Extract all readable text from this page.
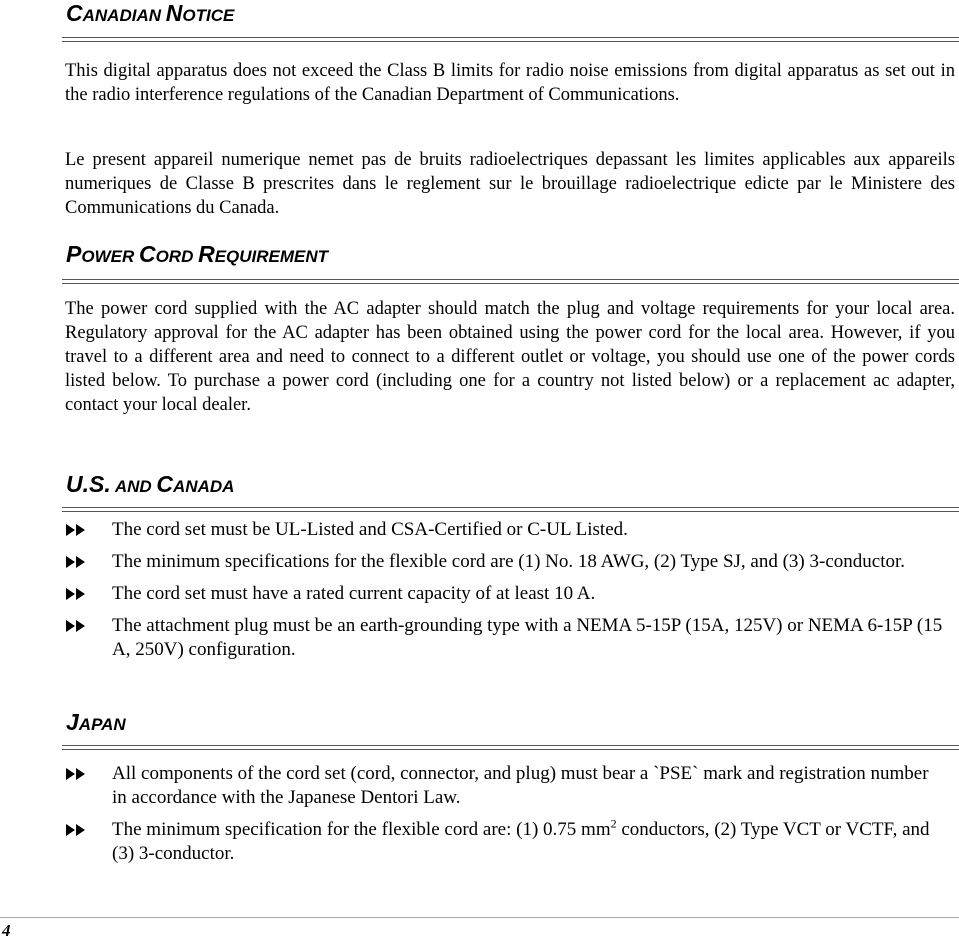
CANADIAN NOTICE

This digital apparatus does not exceed the Class B limits for radio noise emissions from digital apparatus as set out in the radio interference regulations of the Canadian Department of Communications.

Le present appareil numerique nemet pas de bruits radioelectriques depassant les limites applicables aux appareils numeriques de Classe B prescrites dans le reglement sur le brouillage radioelectrique edicte par le Ministere des Communications du Canada.

POWER CORD REQUIREMENT

The power cord supplied with the AC adapter should match the plug and voltage requirements for your local area. Regulatory approval for the AC adapter has been obtained using the power cord for the local area. However, if you travel to a different area and need to connect to a different outlet or voltage, you should use one of the power cords listed below. To purchase a power cord (including one for a country not listed below) or a replacement ac adapter, contact your local dealer.

U.S. AND CANADA
The cord set must be UL-Listed and CSA-Certified or C-UL Listed.
The minimum specifications for the flexible cord are (1) No. 18 AWG, (2) Type SJ, and (3) 3-conductor.
The cord set must have a rated current capacity of at least 10 A.
The attachment plug must be an earth-grounding type with a NEMA 5-15P (15A, 125V) or NEMA 6-15P (15 A, 250V) configuration.
JAPAN
All components of the cord set (cord, connector, and plug) must bear a `PSE` mark and registration number in accordance with the Japanese Dentori Law.
The minimum specification for the flexible cord are: (1) 0.75 $mm^2$ conductors, (2) Type VCT or VCTF, and (3) 3-conductor.
4
